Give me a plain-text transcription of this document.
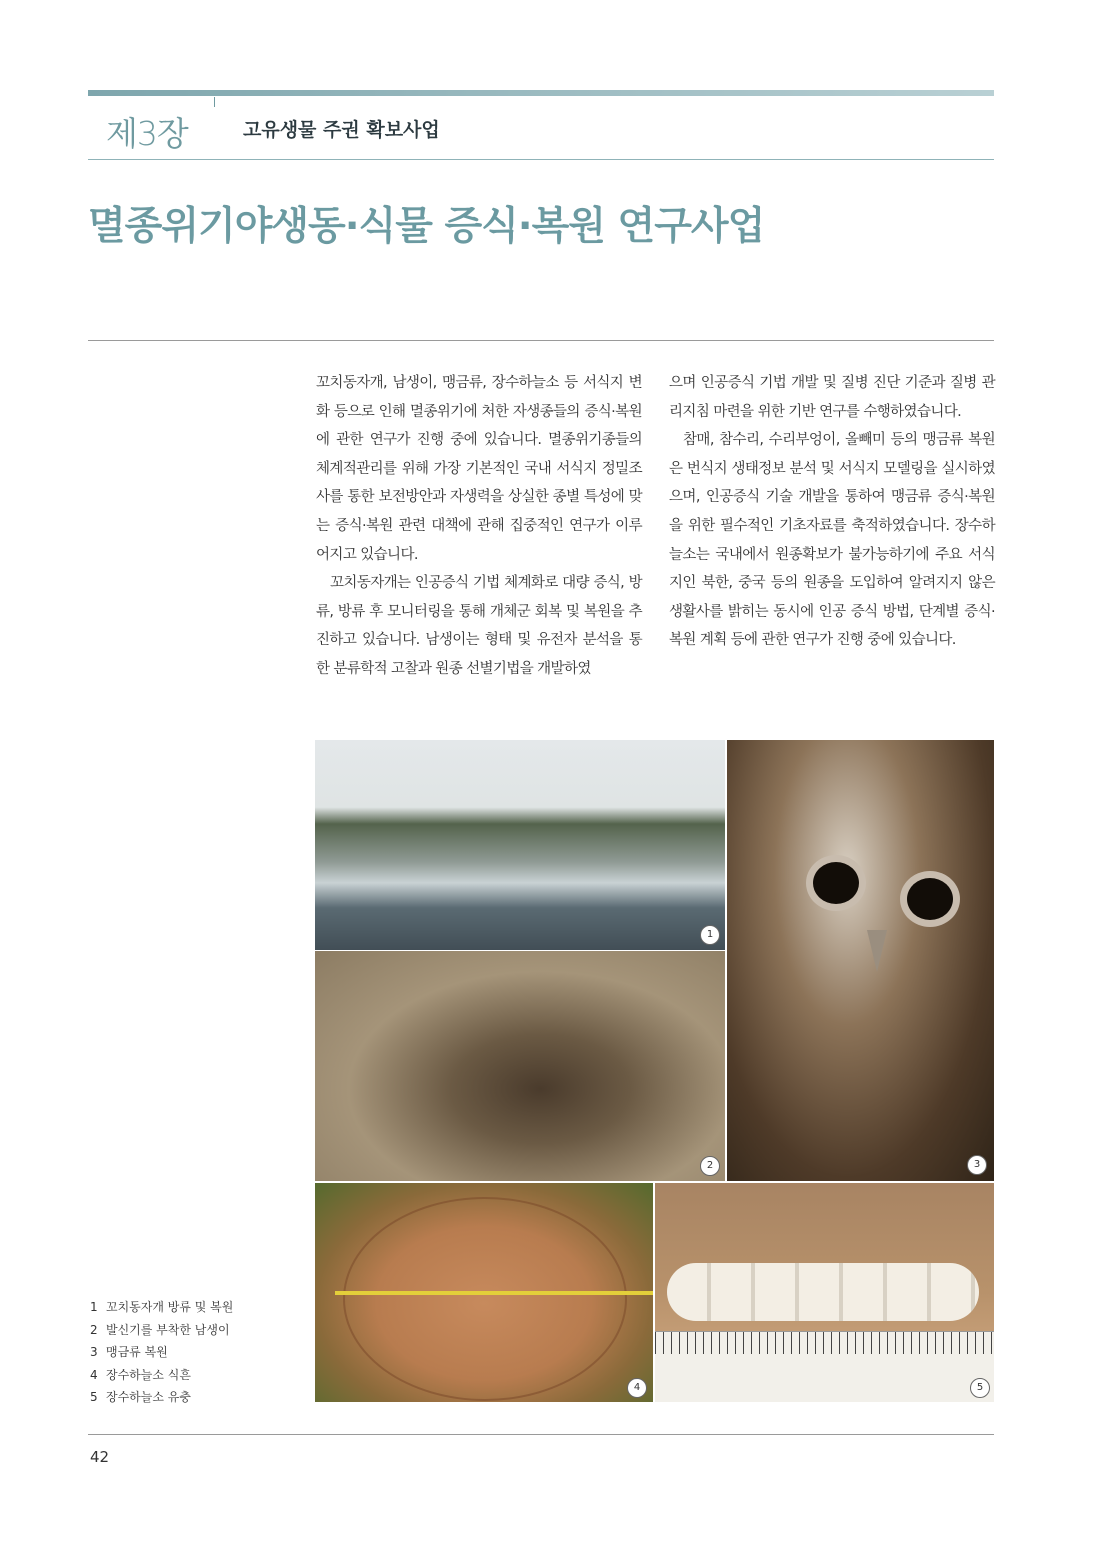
제3장	고유생물 주권 확보사업
멸종위기야생동·식물 증식·복원 연구사업

꼬치동자개, 남생이, 맹금류, 장수하늘소 등 서식지 변화 등으로 인해 멸종위기에 처한 자생종들의 증식·복원에 관한 연구가 진행 중에 있습니다. 멸종위기종들의 체계적관리를 위해 가장 기본적인 국내 서식지 정밀조사를 통한 보전방안과 자생력을 상실한 종별 특성에 맞는 증식·복원 관련 대책에 관해 집중적인 연구가 이루어지고 있습니다.

꼬치동자개는 인공증식 기법 체계화로 대량 증식, 방류, 방류 후 모니터링을 통해 개체군 회복 및 복원을 추진하고 있습니다. 남생이는 형태 및 유전자 분석을 통한 분류학적 고찰과 원종 선별기법을 개발하였

으며 인공증식 기법 개발 및 질병 진단 기준과 질병 관리지침 마련을 위한 기반 연구를 수행하였습니다.

참매, 참수리, 수리부엉이, 올빼미 등의 맹금류 복원은 번식지 생태정보 분석 및 서식지 모델링을 실시하였으며, 인공증식 기술 개발을 통하여 맹금류 증식·복원을 위한 필수적인 기초자료를 축적하였습니다. 장수하늘소는 국내에서 원종확보가 불가능하기에 주요 서식지인 북한, 중국 등의 원종을 도입하여 알려지지 않은 생활사를 밝히는 동시에 인공 증식 방법, 단계별 증식·복원 계획 등에 관한 연구가 진행 중에 있습니다.

1
2	3
4	5
1 꼬치동자개 방류 및 복원
2 발신기를 부착한 남생이
3 맹금류 복원
4 장수하늘소 식흔
5 장수하늘소 유충
42
